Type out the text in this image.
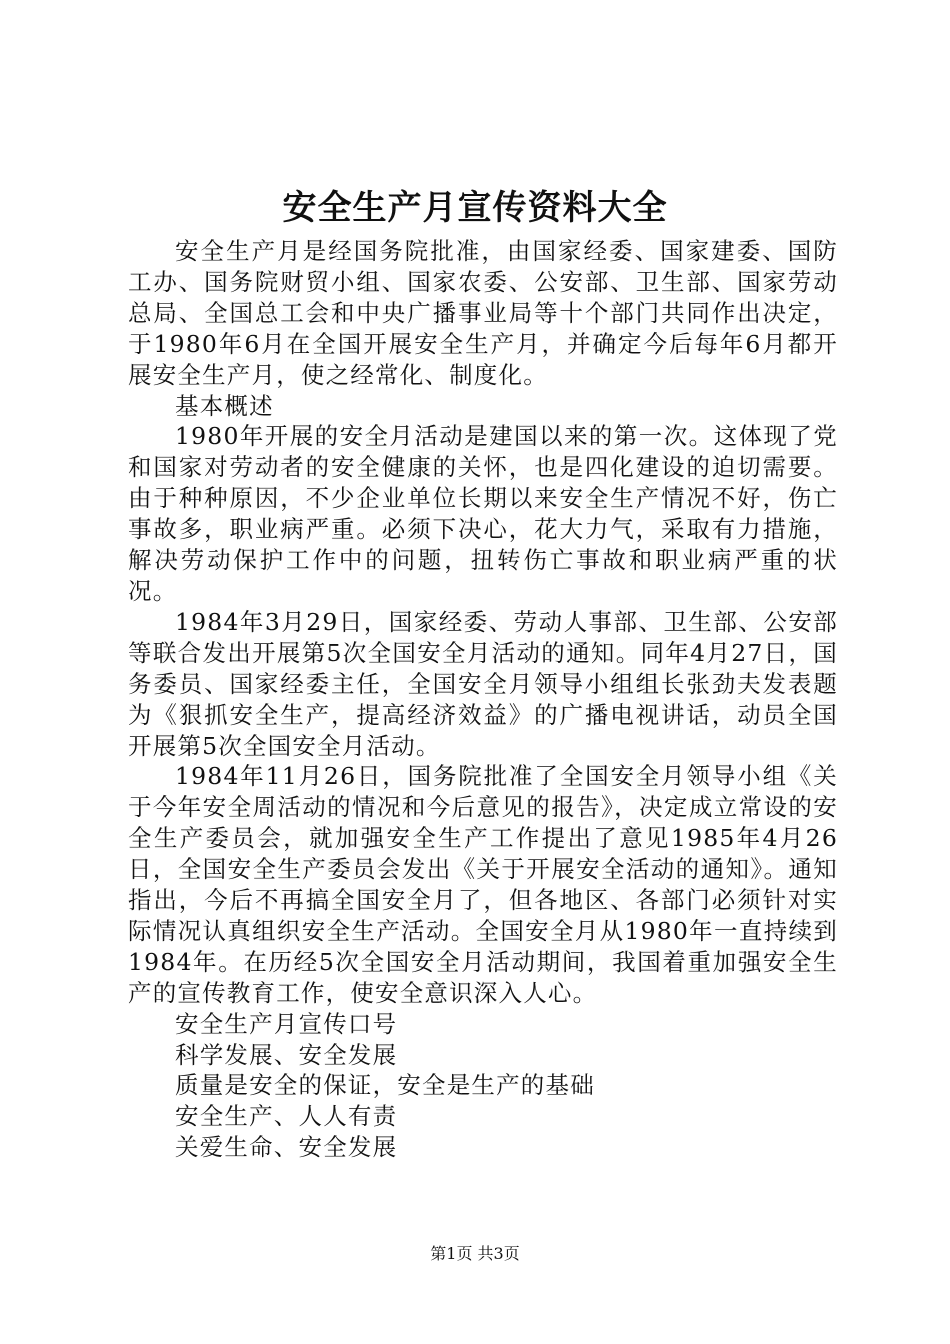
安全生产月宣传资料大全

安全生产月是经国务院批准，由国家经委、国家建委、国防工办、国务院财贸小组、国家农委、公安部、卫生部、国家劳动总局、全国总工会和中央广播事业局等十个部门共同作出决定，于1980年6月在全国开展安全生产月，并确定今后每年6月都开展安全生产月，使之经常化、制度化。

基本概述

1980年开展的安全月活动是建国以来的第一次。这体现了党和国家对劳动者的安全健康的关怀，也是四化建设的迫切需要。由于种种原因，不少企业单位长期以来安全生产情况不好，伤亡事故多，职业病严重。必须下决心，花大力气，采取有力措施，解决劳动保护工作中的问题，扭转伤亡事故和职业病严重的状况。

1984年3月29日，国家经委、劳动人事部、卫生部、公安部等联合发出开展第5次全国安全月活动的通知。同年4月27日，国务委员、国家经委主任，全国安全月领导小组组长张劲夫发表题为《狠抓安全生产，提高经济效益》的广播电视讲话，动员全国开展第5次全国安全月活动。

1984年11月26日，国务院批准了全国安全月领导小组《关于今年安全周活动的情况和今后意见的报告》，决定成立常设的安全生产委员会，就加强安全生产工作提出了意见1985年4月26日，全国安全生产委员会发出《关于开展安全活动的通知》。通知指出，今后不再搞全国安全月了，但各地区、各部门必须针对实际情况认真组织安全生产活动。全国安全月从1980年一直持续到1984年。在历经5次全国安全月活动期间，我国着重加强安全生产的宣传教育工作，使安全意识深入人心。

安全生产月宣传口号

科学发展、安全发展

质量是安全的保证，安全是生产的基础

安全生产、人人有责

关爱生命、安全发展

第1页 共3页
